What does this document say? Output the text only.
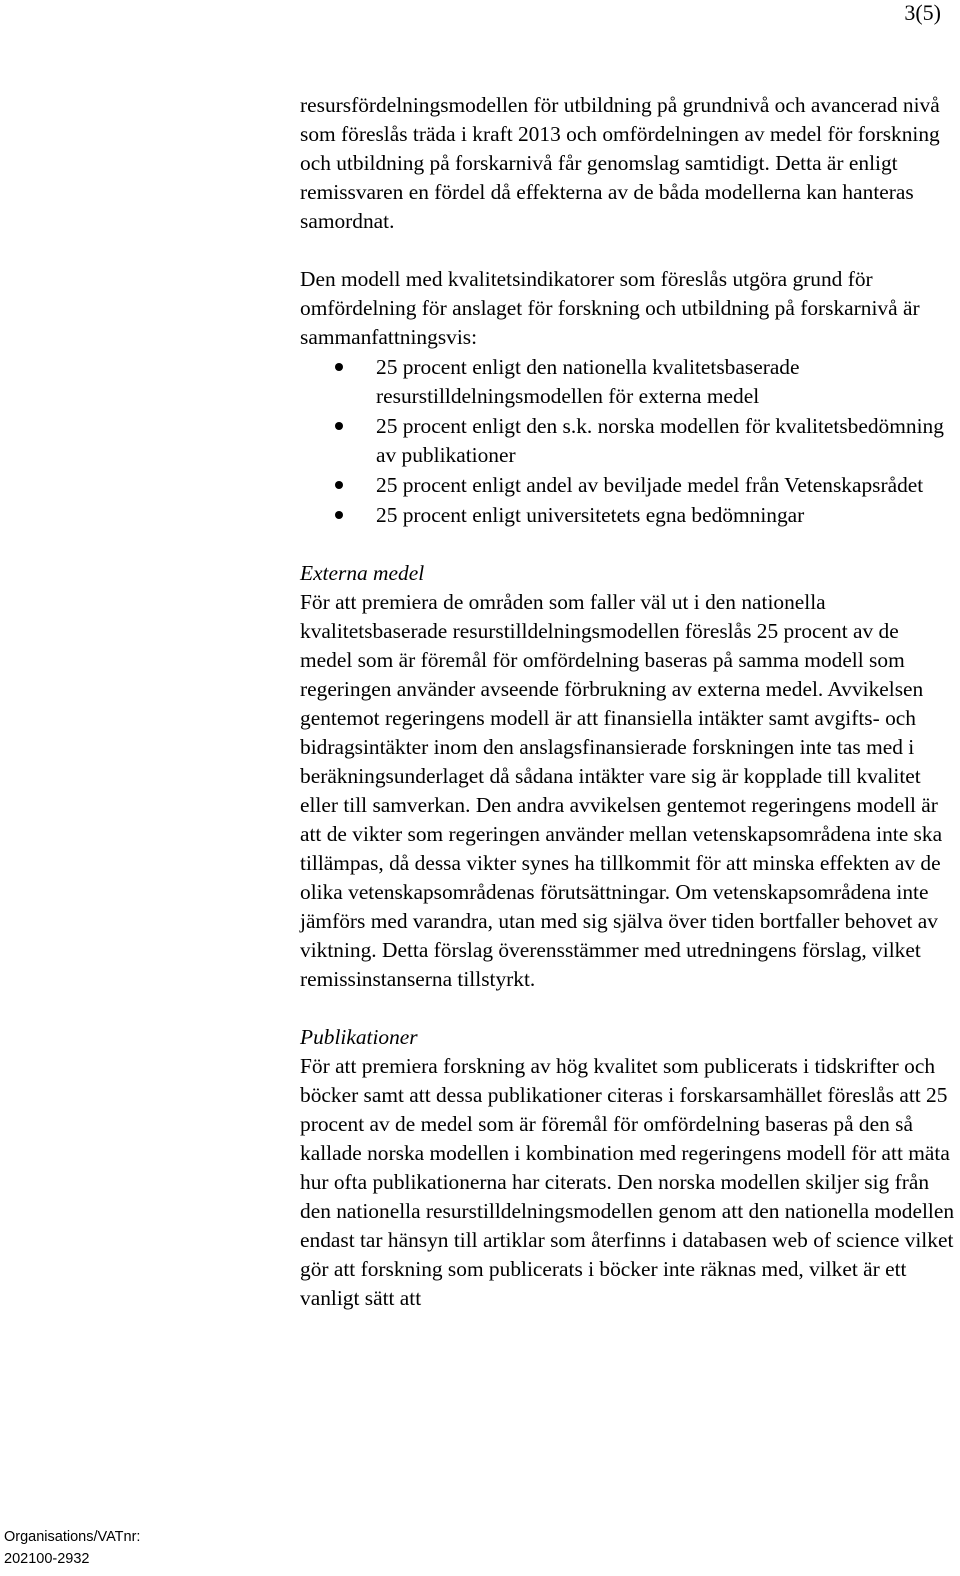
3(5)

resursfördelningsmodellen för utbildning på grundnivå och avancerad nivå som föreslås träda i kraft 2013 och omfördelningen av medel för forskning och utbildning på forskarnivå får genomslag samtidigt. Detta är enligt remissvaren en fördel då effekterna av de båda modellerna kan hanteras samordnat.

Den modell med kvalitetsindikatorer som föreslås utgöra grund för omfördelning för anslaget för forskning och utbildning på forskarnivå är sammanfattningsvis:

25 procent enligt den nationella kvalitetsbaserade resurstilldelningsmodellen för externa medel
25 procent enligt den s.k. norska modellen för kvalitetsbedömning av publikationer
25 procent enligt andel av beviljade medel från Vetenskapsrådet
25 procent enligt universitetets egna bedömningar

Externa medel

För att premiera de områden som faller väl ut i den nationella kvalitetsbaserade resurstilldelningsmodellen föreslås 25 procent av de medel som är föremål för omfördelning baseras på samma modell som regeringen använder avseende förbrukning av externa medel. Avvikelsen gentemot regeringens modell är att finansiella intäkter samt avgifts- och bidragsintäkter inom den anslagsfinansierade forskningen inte tas med i beräkningsunderlaget då sådana intäkter vare sig är kopplade till kvalitet eller till samverkan. Den andra avvikelsen gentemot regeringens modell är att de vikter som regeringen använder mellan vetenskapsområdena inte ska tillämpas, då dessa vikter synes ha tillkommit för att minska effekten av de olika vetenskapsområdenas förutsättningar. Om vetenskapsområdena inte jämförs med varandra, utan med sig själva över tiden bortfaller behovet av viktning. Detta förslag överensstämmer med utredningens förslag, vilket remissinstanserna tillstyrkt.

Publikationer

För att premiera forskning av hög kvalitet som publicerats i tidskrifter och böcker samt att dessa publikationer citeras i forskarsamhället föreslås att 25 procent av de medel som är föremål för omfördelning baseras på den så kallade norska modellen i kombination med regeringens modell för att mäta hur ofta publikationerna har citerats. Den norska modellen skiljer sig från den nationella resurstilldelningsmodellen genom att den nationella modellen endast tar hänsyn till artiklar som återfinns i databasen web of science vilket gör att forskning som publicerats i böcker inte räknas med, vilket är ett vanligt sätt att

Organisations/VATnr:
202100-2932
